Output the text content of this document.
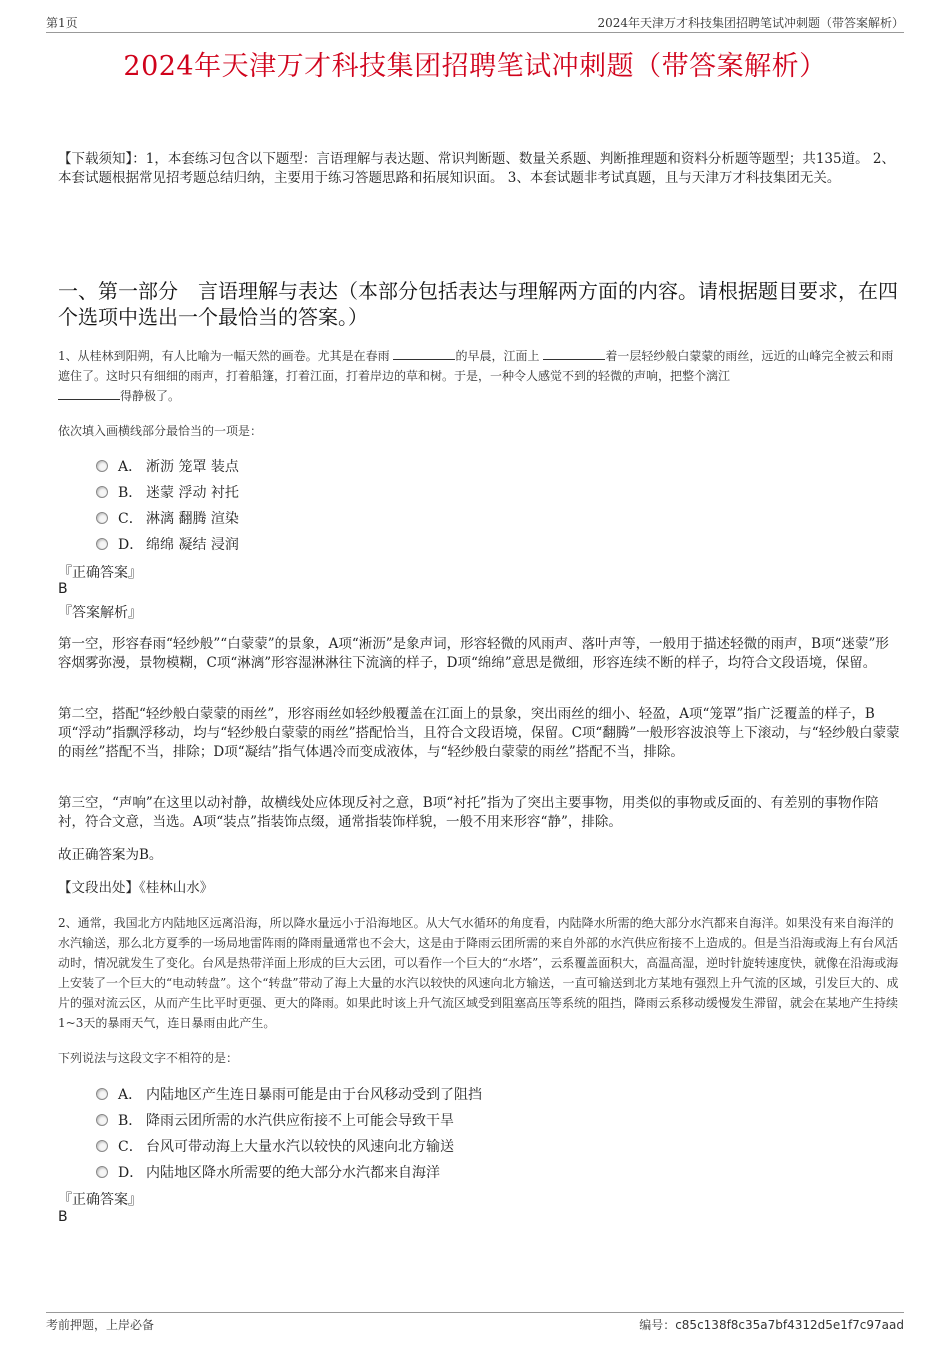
第1页	2024年天津万才科技集团招聘笔试冲刺题（带答案解析）
2024年天津万才科技集团招聘笔试冲刺题（带答案解析）
【下载须知】：1，本套练习包含以下题型：言语理解与表达题、常识判断题、数量关系题、判断推理题和资料分析题等题型；共135道。 2、本套试题根据常见招考题总结归纳，主要用于练习答题思路和拓展知识面。 3、本套试题非考试真题，且与天津万才科技集团无关。
一、第一部分　言语理解与表达（本部分包括表达与理解两方面的内容。请根据题目要求，在四个选项中选出一个最恰当的答案。）
1、从桂林到阳朔，有人比喻为一幅天然的画卷。尤其是在春雨	的早晨，江面上	着一层轻纱般白蒙蒙的雨丝，远近的山峰完全被云和雨遮住了。这时只有细细的雨声，打着船篷，打着江面，打着岸边的草和树。于是，一种令人感觉不到的轻微的声响，把整个漓江
得静极了。
依次填入画横线部分最恰当的一项是：
A． 淅沥 笼罩 装点
B． 迷蒙 浮动 衬托
C． 淋漓 翻腾 渲染
D． 绵绵 凝结 浸润
『正确答案』
B
『答案解析』
第一空，形容春雨“轻纱般”“白蒙蒙”的景象，A项“淅沥”是象声词，形容轻微的风雨声、落叶声等，一般用于描述轻微的雨声，B项“迷蒙”形容烟雾弥漫，景物模糊，C项“淋漓”形容湿淋淋往下流滴的样子，D项“绵绵”意思是微细，形容连续不断的样子，均符合文段语境，保留。
第二空，搭配“轻纱般白蒙蒙的雨丝”，形容雨丝如轻纱般覆盖在江面上的景象，突出雨丝的细小、轻盈，A项“笼罩”指广泛覆盖的样子，B项“浮动”指飘浮移动，均与“轻纱般白蒙蒙的雨丝”搭配恰当，且符合文段语境，保留。C项“翻腾”一般形容波浪等上下滚动，与“轻纱般白蒙蒙的雨丝”搭配不当，排除；D项“凝结”指气体遇冷而变成液体，与“轻纱般白蒙蒙的雨丝”搭配不当，排除。
第三空，“声响”在这里以动衬静，故横线处应体现反衬之意，B项“衬托”指为了突出主要事物，用类似的事物或反面的、有差别的事物作陪衬，符合文意，当选。A项“装点”指装饰点缀，通常指装饰样貌，一般不用来形容“静”，排除。
故正确答案为B。
【文段出处】《桂林山水》
2、通常，我国北方内陆地区远离沿海，所以降水量远小于沿海地区。从大气水循环的角度看，内陆降水所需的绝大部分水汽都来自海洋。如果没有来自海洋的水汽输送，那么北方夏季的一场局地雷阵雨的降雨量通常也不会大，这是由于降雨云团所需的来自外部的水汽供应衔接不上造成的。但是当沿海或海上有台风活动时，情况就发生了变化。台风是热带洋面上形成的巨大云团，可以看作一个巨大的“水塔”，云系覆盖面积大，高温高湿，逆时针旋转速度快，就像在沿海或海上安装了一个巨大的“电动转盘”。这个“转盘”带动了海上大量的水汽以较快的风速向北方输送，一直可输送到北方某地有强烈上升气流的区域，引发巨大的、成片的强对流云区，从而产生比平时更强、更大的降雨。如果此时该上升气流区域受到阻塞高压等系统的阻挡，降雨云系移动缓慢发生滞留，就会在某地产生持续1~3天的暴雨天气，连日暴雨由此产生。
下列说法与这段文字不相符的是：
A． 内陆地区产生连日暴雨可能是由于台风移动受到了阻挡
B． 降雨云团所需的水汽供应衔接不上可能会导致干旱
C． 台风可带动海上大量水汽以较快的风速向北方输送
D． 内陆地区降水所需要的绝大部分水汽都来自海洋
『正确答案』
B
考前押题，上岸必备	编号：c85c138f8c35a7bf4312d5e1f7c97aad
